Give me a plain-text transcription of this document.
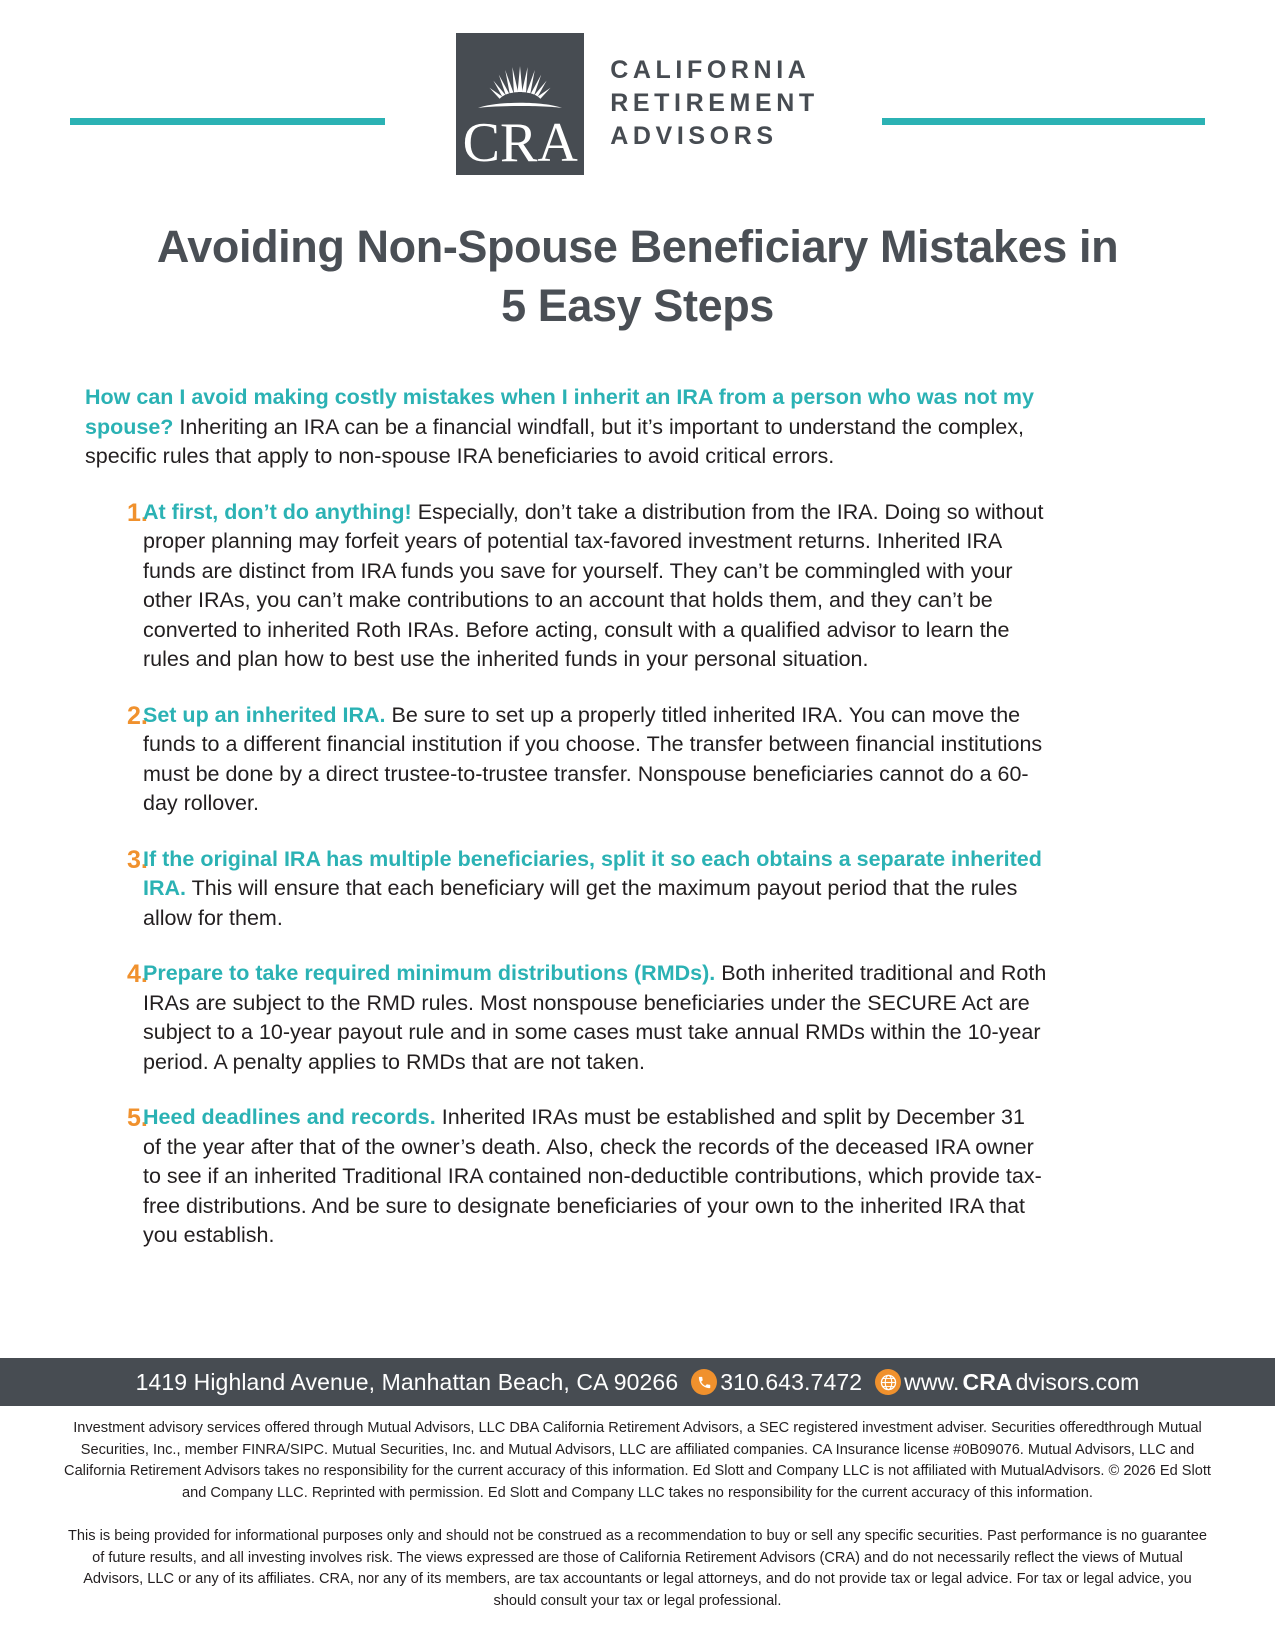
CRA
CALIFORNIA
RETIREMENT
ADVISORS
Avoiding Non-Spouse Beneficiary Mistakes in 5 Easy Steps

How can I avoid making costly mistakes when I inherit an IRA from a person who was not my spouse? Inheriting an IRA can be a financial windfall, but it’s important to understand the complex, specific rules that apply to non-spouse IRA beneficiaries to avoid critical errors.

1.
At first, don’t do anything! Especially, don’t take a distribution from the IRA. Doing so without proper planning may forfeit years of potential tax-favored investment returns. Inherited IRA funds are distinct from IRA funds you save for yourself. They can’t be commingled with your other IRAs, you can’t make contributions to an account that holds them, and they can’t be converted to inherited Roth IRAs. Before acting, consult with a qualified advisor to learn the rules and plan how to best use the inherited funds in your personal situation.
2.
Set up an inherited IRA. Be sure to set up a properly titled inherited IRA. You can move the funds to a different financial institution if you choose. The transfer between financial institutions must be done by a direct trustee-to-trustee transfer. Nonspouse beneficiaries cannot do a 60-day rollover.
3.
If the original IRA has multiple beneficiaries, split it so each obtains a separate inherited IRA. This will ensure that each beneficiary will get the maximum payout period that the rules allow for them.
4.
Prepare to take required minimum distributions (RMDs). Both inherited traditional and Roth IRAs are subject to the RMD rules. Most nonspouse beneficiaries under the SECURE Act are subject to a 10-year payout rule and in some cases must take annual RMDs within the 10-year period. A penalty applies to RMDs that are not taken.
5.
Heed deadlines and records. Inherited IRAs must be established and split by December 31 of the year after that of the owner’s death. Also, check the records of the deceased IRA owner to see if an inherited Traditional IRA contained non-deductible contributions, which provide tax-free distributions. And be sure to designate beneficiaries of your own to the inherited IRA that you establish.
1419 Highland Avenue, Manhattan Beach, CA 90266 310.643.7472 www. CRA dvisors.com

Investment advisory services offered through Mutual Advisors, LLC DBA California Retirement Advisors, a SEC registered investment adviser. Securities offeredthrough Mutual Securities, Inc., member FINRA/SIPC. Mutual Securities, Inc. and Mutual Advisors, LLC are affiliated companies. CA Insurance license #0B09076. Mutual Advisors, LLC and California Retirement Advisors takes no responsibility for the current accuracy of this information. Ed Slott and Company LLC is not affiliated with MutualAdvisors. © 2026 Ed Slott and Company LLC. Reprinted with permission. Ed Slott and Company LLC takes no responsibility for the current accuracy of this information.

This is being provided for informational purposes only and should not be construed as a recommendation to buy or sell any specific securities. Past performance is no guarantee of future results, and all investing involves risk. The views expressed are those of California Retirement Advisors (CRA) and do not necessarily reflect the views of Mutual Advisors, LLC or any of its affiliates. CRA, nor any of its members, are tax accountants or legal attorneys, and do not provide tax or legal advice. For tax or legal advice, you should consult your tax or legal professional.
